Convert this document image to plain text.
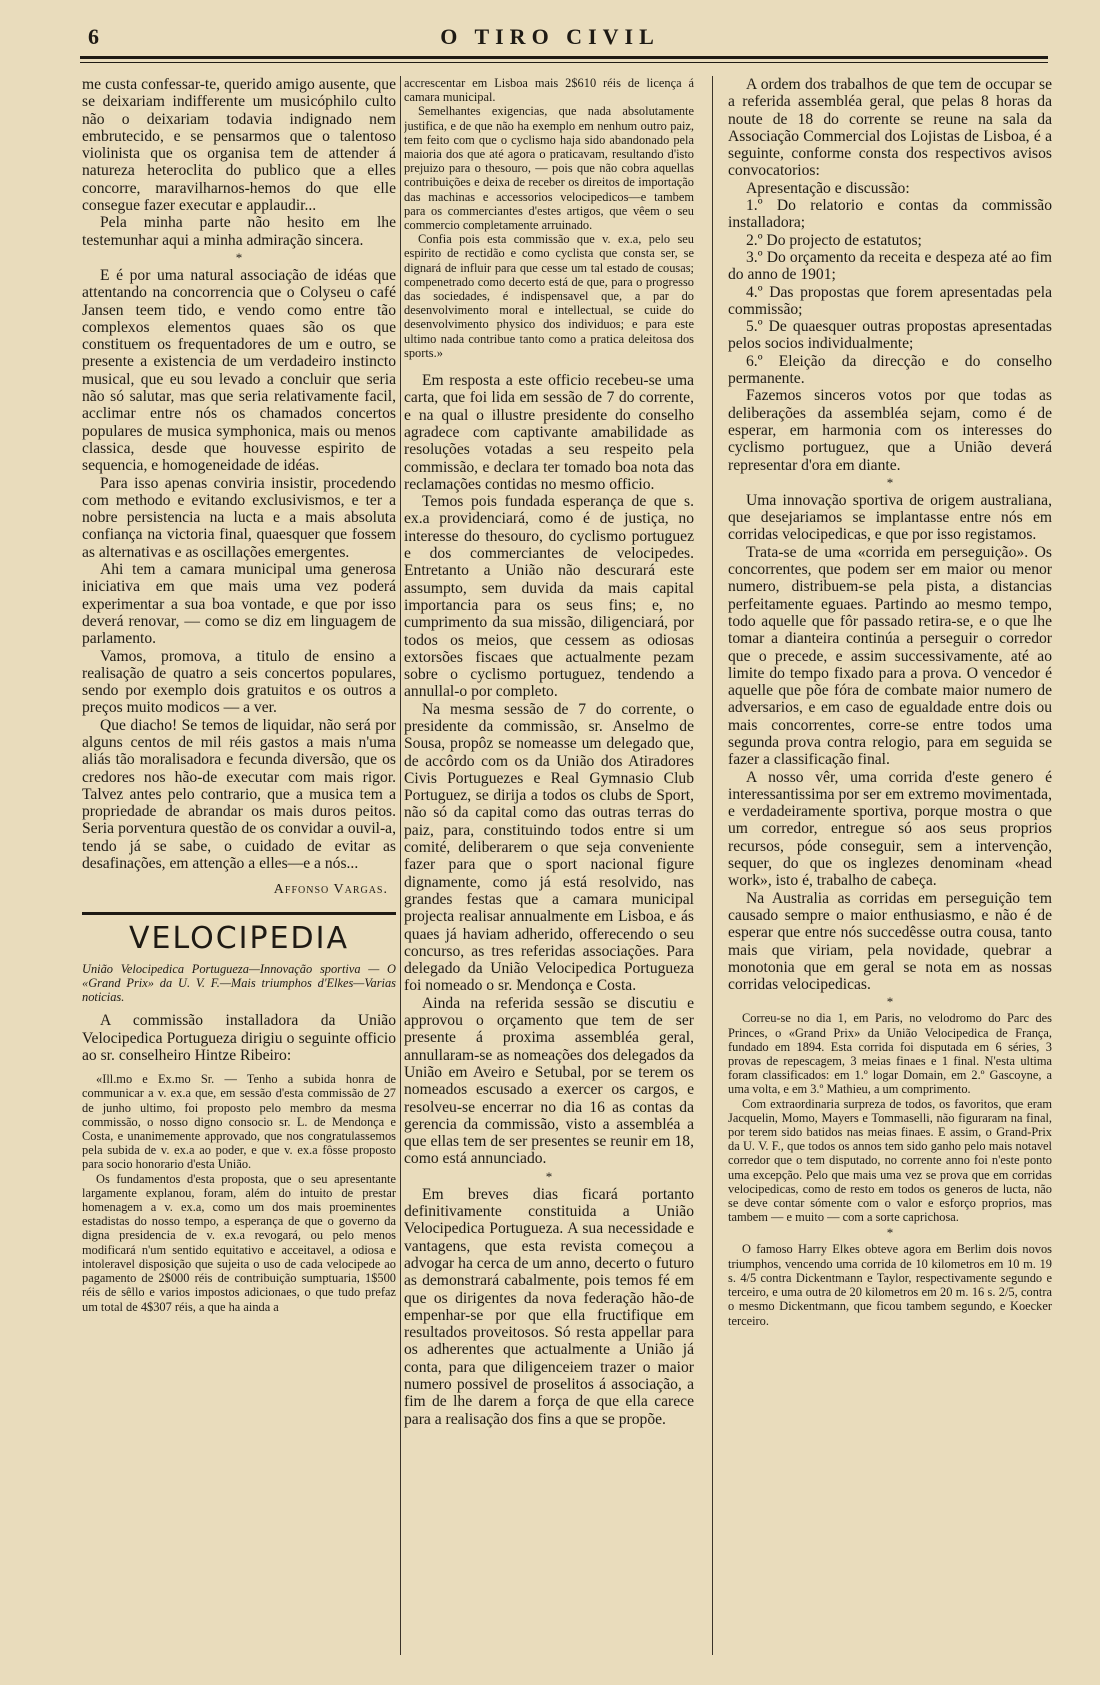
6	O TIRO CIVIL

me custa confessar-te, querido amigo ausente, que se deixariam indifferente um musicóphilo culto não o deixariam todavia indignado nem embrutecido, e se pensarmos que o talentoso violinista que os organisa tem de attender á natureza heteroclita do publico que a elles concorre, maravilharnos-hemos do que elle consegue fazer executar e applaudir...

Pela minha parte não hesito em lhe testemunhar aqui a minha admiração sincera.

*

E é por uma natural associação de idéas que attentando na concorrencia que o Colyseu o café Jansen teem tido, e vendo como entre tão complexos elementos quaes são os que constituem os frequentadores de um e outro, se presente a existencia de um verdadeiro instincto musical, que eu sou levado a concluir que seria não só salutar, mas que seria relativamente facil, acclimar entre nós os chamados concertos populares de musica symphonica, mais ou menos classica, desde que houvesse espirito de sequencia, e homogeneidade de idéas.

Para isso apenas conviria insistir, procedendo com methodo e evitando exclusivismos, e ter a nobre persistencia na lucta e a mais absoluta confiança na victoria final, quaesquer que fossem as alternativas e as oscillações emergentes.

Ahi tem a camara municipal uma generosa iniciativa em que mais uma vez poderá experimentar a sua boa vontade, e que por isso deverá renovar, — como se diz em linguagem de parlamento.

Vamos, promova, a titulo de ensino a realisação de quatro a seis concertos populares, sendo por exemplo dois gratuitos e os outros a preços muito modicos — a ver.

Que diacho! Se temos de liquidar, não será por alguns centos de mil réis gastos a mais n'uma aliás tão moralisadora e fecunda diversão, que os credores nos hão-de executar com mais rigor. Talvez antes pelo contrario, que a musica tem a propriedade de abrandar os mais duros peitos. Seria porventura questão de os convidar a ouvil-a, tendo já se sabe, o cuidado de evitar as desafinações, em attenção a elles—e a nós...

Affonso Vargas.
VELOCIPEDIA
União Velocipedica Portugueza—Innovação sportiva — O «Grand Prix» da U. V. F.—Mais triumphos d'Elkes—Varias noticias.

A commissão installadora da União Velocipedica Portugueza dirigiu o seguinte officio ao sr. conselheiro Hintze Ribeiro:

«Ill.mo e Ex.mo Sr. — Tenho a subida honra de communicar a v. ex.a que, em sessão d'esta commissão de 27 de junho ultimo, foi proposto pelo membro da mesma commissão, o nosso digno consocio sr. L. de Mendonça e Costa, e unanimemente approvado, que nos congratulassemos pela subida de v. ex.a ao poder, e que v. ex.a fôsse proposto para socio honorario d'esta União.

Os fundamentos d'esta proposta, que o seu apresentante largamente explanou, foram, além do intuito de prestar homenagem a v. ex.a, como um dos mais proeminentes estadistas do nosso tempo, a esperança de que o governo da digna presidencia de v. ex.a revogará, ou pelo menos modificará n'um sentido equitativo e acceitavel, a odiosa e intoleravel disposição que sujeita o uso de cada velocipede ao pagamento de 2$000 réis de contribuição sumptuaria, 1$500 réis de sêllo e varios impostos adicionaes, o que tudo prefaz um total de 4$307 réis, a que ha ainda a

accrescentar em Lisboa mais 2$610 réis de licença á camara municipal.

Semelhantes exigencias, que nada absolutamente justifica, e de que não ha exemplo em nenhum outro paiz, tem feito com que o cyclismo haja sido abandonado pela maioria dos que até agora o praticavam, resultando d'isto prejuizo para o thesouro, — pois que não cobra aquellas contribuições e deixa de receber os direitos de importação das machinas e accessorios velocipedicos—e tambem para os commerciantes d'estes artigos, que vêem o seu commercio completamente arruinado.

Confia pois esta commissão que v. ex.a, pelo seu espirito de rectidão e como cyclista que consta ser, se dignará de influir para que cesse um tal estado de cousas; compenetrado como decerto está de que, para o progresso das sociedades, é indispensavel que, a par do desenvolvimento moral e intellectual, se cuide do desenvolvimento physico dos individuos; e para este ultimo nada contribue tanto como a pratica deleitosa dos sports.»

Em resposta a este officio recebeu-se uma carta, que foi lida em sessão de 7 do corrente, e na qual o illustre presidente do conselho agradece com captivante amabilidade as resoluções votadas a seu respeito pela commissão, e declara ter tomado boa nota das reclamações contidas no mesmo officio.

Temos pois fundada esperança de que s. ex.a providenciará, como é de justiça, no interesse do thesouro, do cyclismo portuguez e dos commerciantes de velocipedes. Entretanto a União não descurará este assumpto, sem duvida da mais capital importancia para os seus fins; e, no cumprimento da sua missão, diligenciará, por todos os meios, que cessem as odiosas extorsões fiscaes que actualmente pezam sobre o cyclismo portuguez, tendendo a annullal-o por completo.

Na mesma sessão de 7 do corrente, o presidente da commissão, sr. Anselmo de Sousa, propôz se nomeasse um delegado que, de accôrdo com os da União dos Atiradores Civis Portuguezes e Real Gymnasio Club Portuguez, se dirija a todos os clubs de Sport, não só da capital como das outras terras do paiz, para, constituindo todos entre si um comité, deliberarem o que seja conveniente fazer para que o sport nacional figure dignamente, como já está resolvido, nas grandes festas que a camara municipal projecta realisar annualmente em Lisboa, e ás quaes já haviam adherido, offerecendo o seu concurso, as tres referidas associações. Para delegado da União Velocipedica Portugueza foi nomeado o sr. Mendonça e Costa.

Ainda na referida sessão se discutiu e approvou o orçamento que tem de ser presente á proxima assembléa geral, annullaram-se as nomeações dos delegados da União em Aveiro e Setubal, por se terem os nomeados escusado a exercer os cargos, e resolveu-se encerrar no dia 16 as contas da gerencia da commissão, visto a assembléa a que ellas tem de ser presentes se reunir em 18, como está annunciado.

*

Em breves dias ficará portanto definitivamente constituida a União Velocipedica Portugueza. A sua necessidade e vantagens, que esta revista começou a advogar ha cerca de um anno, decerto o futuro as demonstrará cabalmente, pois temos fé em que os dirigentes da nova federação hão-de empenhar-se por que ella fructifique em resultados proveitosos. Só resta appellar para os adherentes que actualmente a União já conta, para que diligenceiem trazer o maior numero possivel de proselitos á associação, a fim de lhe darem a força de que ella carece para a realisação dos fins a que se propõe.

A ordem dos trabalhos de que tem de occupar se a referida assembléa geral, que pelas 8 horas da noute de 18 do corrente se reune na sala da Associação Commercial dos Lojistas de Lisboa, é a seguinte, conforme consta dos respectivos avisos convocatorios:

Apresentação e discussão:

1.º Do relatorio e contas da commissão installadora;

2.º Do projecto de estatutos;

3.º Do orçamento da receita e despeza até ao fim do anno de 1901;

4.º Das propostas que forem apresentadas pela commissão;

5.º De quaesquer outras propostas apresentadas pelos socios individualmente;

6.º Eleição da direcção e do conselho permanente.

Fazemos sinceros votos por que todas as deliberações da assembléa sejam, como é de esperar, em harmonia com os interesses do cyclismo portuguez, que a União deverá representar d'ora em diante.

*

Uma innovação sportiva de origem australiana, que desejariamos se implantasse entre nós em corridas velocipedicas, e que por isso registamos.

Trata-se de uma «corrida em perseguição». Os concorrentes, que podem ser em maior ou menor numero, distribuem-se pela pista, a distancias perfeitamente eguaes. Partindo ao mesmo tempo, todo aquelle que fôr passado retira-se, e o que lhe tomar a dianteira continúa a perseguir o corredor que o precede, e assim successivamente, até ao limite do tempo fixado para a prova. O vencedor é aquelle que põe fóra de combate maior numero de adversarios, e em caso de egualdade entre dois ou mais concorrentes, corre-se entre todos uma segunda prova contra relogio, para em seguida se fazer a classificação final.

A nosso vêr, uma corrida d'este genero é interessantissima por ser em extremo movimentada, e verdadeiramente sportiva, porque mostra o que um corredor, entregue só aos seus proprios recursos, póde conseguir, sem a intervenção, sequer, do que os inglezes denominam «head work», isto é, trabalho de cabeça.

Na Australia as corridas em perseguição tem causado sempre o maior enthusiasmo, e não é de esperar que entre nós succedêsse outra cousa, tanto mais que viriam, pela novidade, quebrar a monotonia que em geral se nota em as nossas corridas velocipedicas.

*

Correu-se no dia 1, em Paris, no velodromo do Parc des Princes, o «Grand Prix» da União Velocipedica de França, fundado em 1894. Esta corrida foi disputada em 6 séries, 3 provas de repescagem, 3 meias finaes e 1 final. N'esta ultima foram classificados: em 1.º logar Domain, em 2.º Gascoyne, a uma volta, e em 3.º Mathieu, a um comprimento.

Com extraordinaria surpreza de todos, os favoritos, que eram Jacquelin, Momo, Mayers e Tommaselli, não figuraram na final, por terem sido batidos nas meias finaes. E assim, o Grand-Prix da U. V. F., que todos os annos tem sido ganho pelo mais notavel corredor que o tem disputado, no corrente anno foi n'este ponto uma excepção. Pelo que mais uma vez se prova que em corridas velocipedicas, como de resto em todos os generos de lucta, não se deve contar sómente com o valor e esforço proprios, mas tambem — e muito — com a sorte caprichosa.

*

O famoso Harry Elkes obteve agora em Berlim dois novos triumphos, vencendo uma corrida de 10 kilometros em 10 m. 19 s. 4/5 contra Dickentmann e Taylor, respectivamente segundo e terceiro, e uma outra de 20 kilometros em 20 m. 16 s. 2/5, contra o mesmo Dickentmann, que ficou tambem segundo, e Koecker terceiro.
